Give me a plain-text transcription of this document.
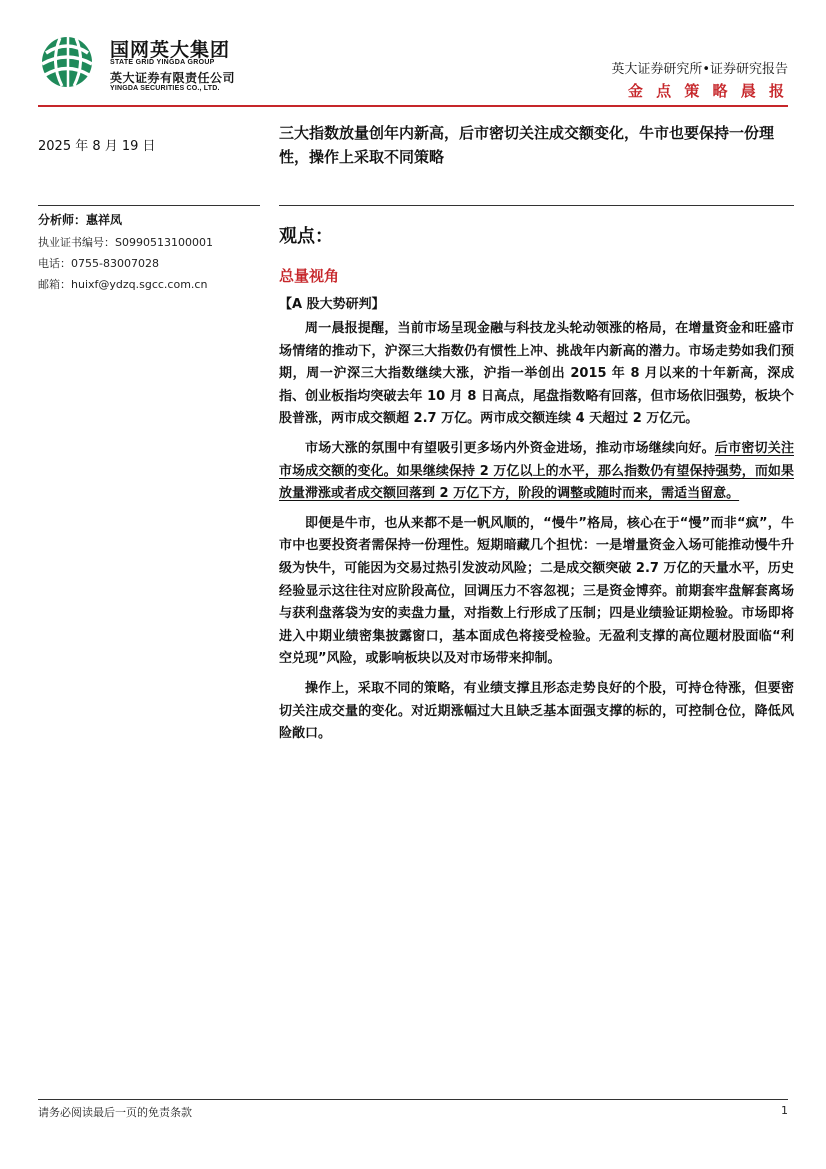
国网英大集团
STATE GRID YINGDA GROUP
英大证券有限责任公司
YINGDA SECURITIES CO., LTD.
英大证券研究所•证券研究报告
金 点 策 略 晨 报
2025 年 8 月 19 日
分析师：惠祥凤
执业证书编号：S0990513100001
电话：0755-83007028
邮箱：huixf@ydzq.sgcc.com.cn
三大指数放量创年内新高，后市密切关注成交额变化，牛市也要保持一份理性，操作上采取不同策略
观点：
总量视角
【A 股大势研判】

周一晨报提醒，当前市场呈现金融与科技龙头轮动领涨的格局，在增量资金和旺盛市场情绪的推动下，沪深三大指数仍有惯性上冲、挑战年内新高的潜力。市场走势如我们预期，周一沪深三大指数继续大涨，沪指一举创出 2015 年 8 月以来的十年新高，深成指、创业板指均突破去年 10 月 8 日高点，尾盘指数略有回落，但市场依旧强势，板块个股普涨，两市成交额超 2.7 万亿。两市成交额连续 4 天超过 2 万亿元。

市场大涨的氛围中有望吸引更多场内外资金进场，推动市场继续向好。后市密切关注市场成交额的变化。如果继续保持 2 万亿以上的水平，那么指数仍有望保持强势，而如果放量滞涨或者成交额回落到 2 万亿下方，阶段的调整或随时而来，需适当留意。

即便是牛市，也从来都不是一帆风顺的，“慢牛”格局，核心在于“慢”而非“疯”，牛市中也要投资者需保持一份理性。短期暗藏几个担忧：一是增量资金入场可能推动慢牛升级为快牛，可能因为交易过热引发波动风险；二是成交额突破 2.7 万亿的天量水平，历史经验显示这往往对应阶段高位，回调压力不容忽视；三是资金博弈。前期套牢盘解套离场与获利盘落袋为安的卖盘力量，对指数上行形成了压制；四是业绩验证期检验。市场即将进入中期业绩密集披露窗口，基本面成色将接受检验。无盈利支撑的高位题材股面临“利空兑现”风险，或影响板块以及对市场带来抑制。

操作上，采取不同的策略，有业绩支撑且形态走势良好的个股，可持仓待涨，但要密切关注成交量的变化。对近期涨幅过大且缺乏基本面强支撑的标的，可控制仓位，降低风险敞口。

请务必阅读最后一页的免责条款	1
